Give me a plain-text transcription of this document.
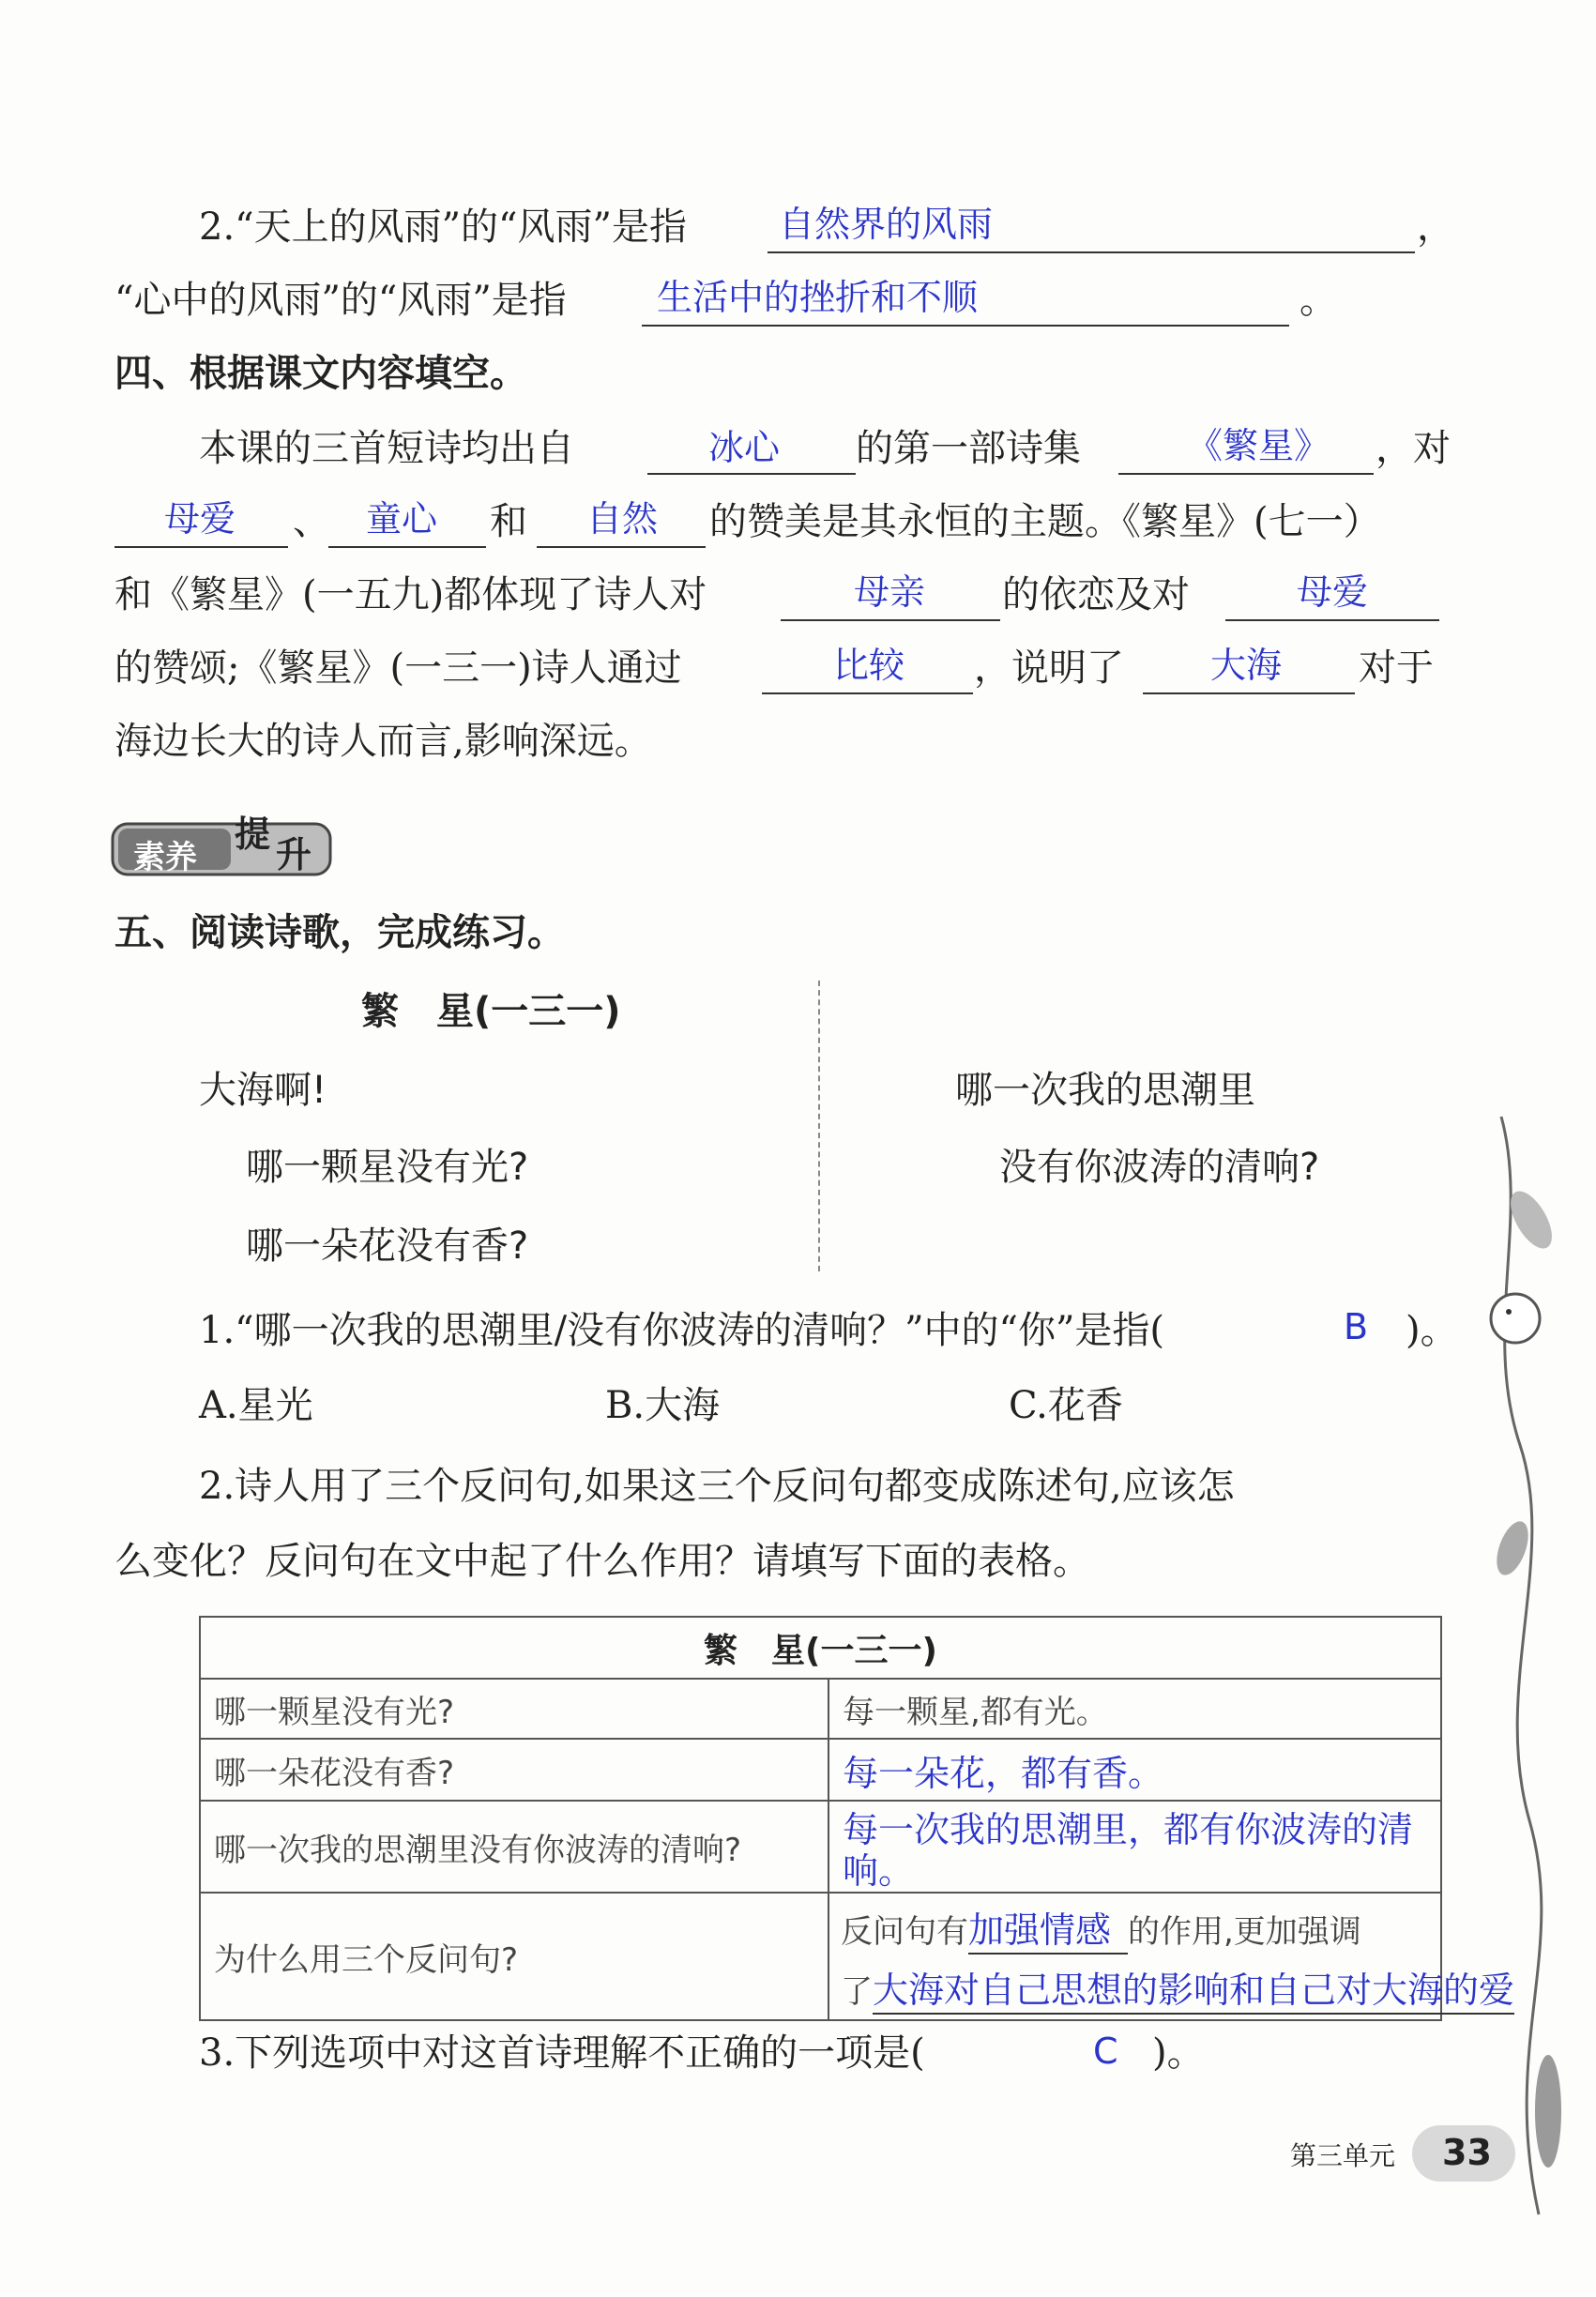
2.“天上的风雨”的“风雨”是指	自然界的风雨	，
“心中的风雨”的“风雨”是指	生活中的挫折和不顺	。
四、根据课文内容填空。
本课的三首短诗均出自	冰心 的第一部诗集	《繁星》 ，对
母爱 、 童心 和 自然 的赞美是其永恒的主题。《繁星》(七一）
和《繁星》(一五九)都体现了诗人对	母亲 的依恋及对	母爱
的赞颂;《繁星》(一三一)诗人通过	比较 ，说明了 大海 对于
海边长大的诗人而言,影响深远。
素养
提 升
五、阅读诗歌，完成练习。
繁　星(一三一)
大海啊!
哪一颗星没有光?
哪一朵花没有香?
哪一次我的思潮里
没有你波涛的清响?
1.“哪一次我的思潮里/没有你波涛的清响？”中的“你”是指(	B )。
A.星光	B.大海	C.花香
2.诗人用了三个反问句,如果这三个反问句都变成陈述句,应该怎
么变化？反问句在文中起了什么作用？请填写下面的表格。
繁　星(一三一)	
哪一颗星没有光?	每一颗星,都有光。
哪一朵花没有香?	每一朵花，都有香。
哪一次我的思潮里没有你波涛的清响?	每一次我的思潮里，都有你波涛的清响。
为什么用三个反问句?	反问句有加强情感 的作用,更加强调
了大海对自己思想的影响和自己对大海的爱
3.下列选项中对这首诗理解不正确的一项是(	C )。
第三单元 33
